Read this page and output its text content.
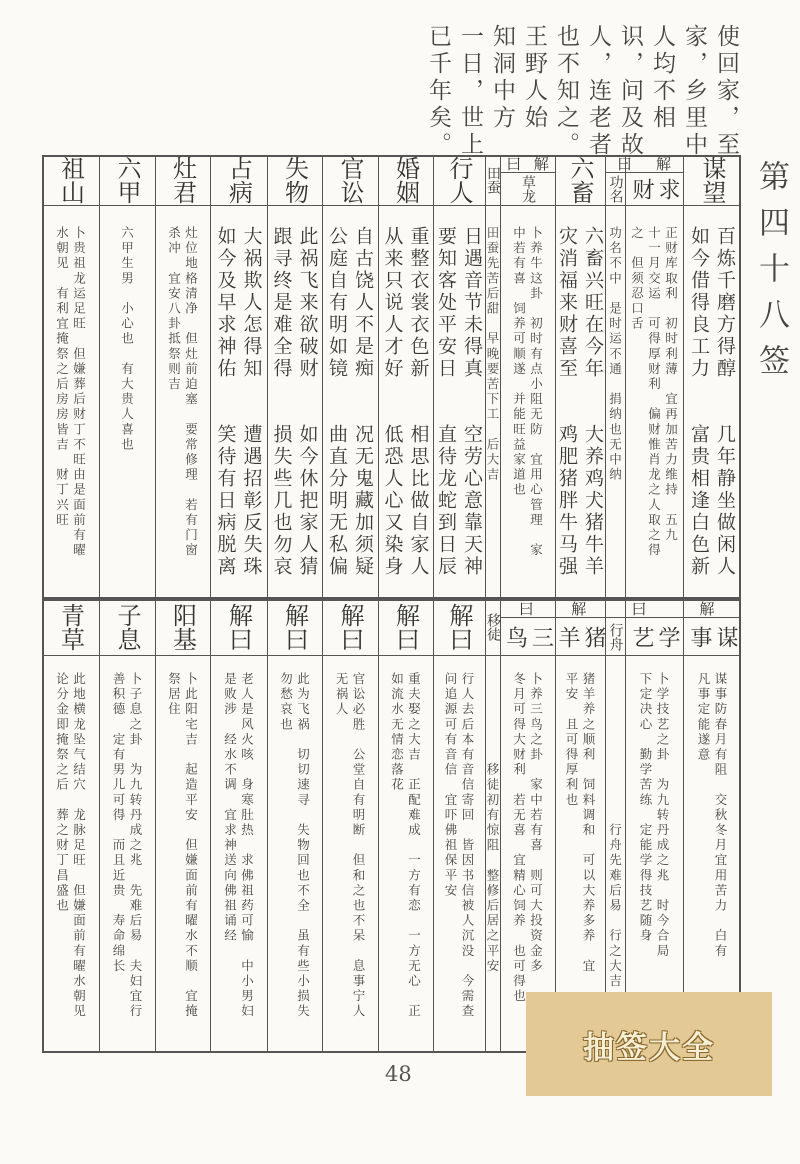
使回家，至
家，乡里中
人均不相
识，问及故
人，连老者
也不知之。
王野人始
知洞中方
一日，世上
已千年矣。
第四十八签
谋望
百炼千磨方得醇　　几年静坐做闲人
如今借得良工力　　富贵相逢白色新
求财
正财库取利　初时利薄　宜再加苦力维持　五九
十一月交运　可得厚财利　偏财惟肖龙之人取之得
之　但须忍口舌
功名
功名不中　是时运不通　捐纳也无中纳
六畜
六畜兴旺在今年　　大养鸡犬猪牛羊
灾消福来财喜至　　鸡肥猪胖牛马强
草龙
卜养牛这卦　初时有点小阻无防　宜用心管理　家
中若有喜　饲养可顺遂　并能旺益家道也
田蚕
田蚕先苦后甜　早晚要苦下工　后大吉
行人
日遇音节未得真　　空劳心意靠天神
要知客处平安日　　直待龙蛇到日辰
婚姻
重整衣裳衣色新　　相思比做自家人
从来只说人才好　　低恐人心又染身
官讼
自古饶人不是痴　　况无鬼藏加须疑
公庭自有明如镜　　曲直分明无私偏
失物
此祸飞来欲破财　　如今休把家人猜
跟寻终是难全得　　损失些几也勿哀
占病
大祸欺人怎得知　　遭遇招彰反失珠
如今及早求神佑　　笑待有日病脱离
灶君
灶位地格清净　但灶前迫塞　要常修理　若有门窗
杀冲　宜安八卦抵祭则吉
六甲
六甲生男　小心也　有大贵人喜也
祖山
卜贵祖龙运足旺　但嫌葬后财丁不旺由是面前有曜
水朝见　有利宜掩祭之后房房皆吉　财丁兴旺
曰 解
曰 解
谋事
谋事防春月有阻　交秋冬月宜用苦力　白有
凡事定能遂意
学艺
卜学技艺之卦　为九转丹成之兆　时今合局
下定决心　勤学苦练　定能学得技艺随身
行舟
　　　　　　　　　　行舟先难后易　行之大吉
猪羊
猪羊养之顺利　饲料调和　可以大养多养　宜
平安　且可得厚利也
三鸟
卜养三鸟之卦　家中若有喜　则可大投资金多
冬月可得大财利　若无喜　宜精心饲养　也可得也
移徒
　　　　　　移徒初有惊阻　整修后居之平安
解曰
行人去后本有音信寄回　皆因书信被人沉没　今需查
问追源可有音信　宜吓佛祖保平安
解曰
重夫娶之大吉　正配难成　一方有恋　一方无心　正
如流水无情恋落花
解曰
官讼必胜　公堂自有明断　但和之也不呆　息事宁人
无祸人
解曰
此为飞祸　切切速寻　失物回也不全　虽有些小损失
勿愁哀也
解曰
老人是风火咳　身寒肚热　求佛祖药可愉　中小男妇
是败涉　经水不调　宜求神送向佛祖诵经
阳基
卜此阳宅吉　起造平安　但嫌面前有曜水不顺　宜掩
祭居住
子息
卜子息之卦　为九转丹成之兆　先难后易　夫妇宜行
善积德　定有男儿可得　而且近贵　寿命绵长
青草
此地横龙坠气结穴　龙脉足旺　但嫌面前有曜水朝见
论分金即掩祭之后　葬之财丁昌盛也
曰	解
曰 解
48
抽签大全
